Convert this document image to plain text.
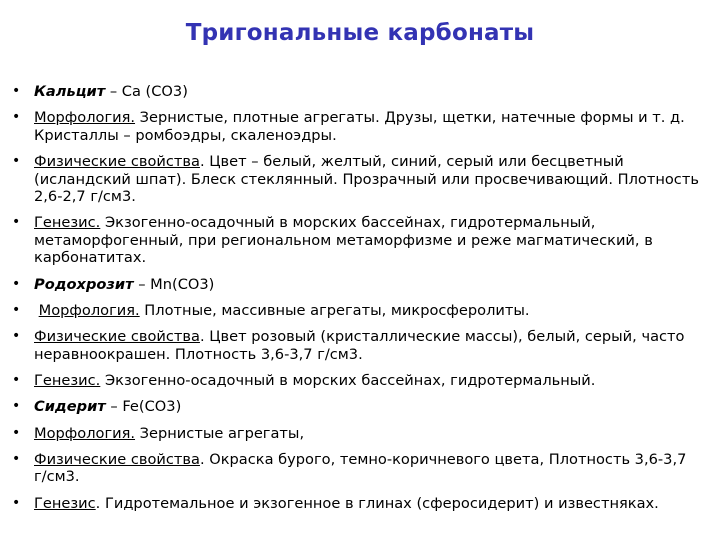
Тригональные карбонаты
• Кальцит – Ca (CO3)
• Морфология. Зернистые, плотные агрегаты. Друзы, щетки, натечные формы и т. д. Кристаллы – ромбоэдры, скаленоэдры.
• Физические свойства. Цвет – белый, желтый, синий, серый или бесцветный (исландский шпат). Блеск стеклянный. Прозрачный или просвечивающий. Плотность 2,6-2,7 г/см3.
• Генезис. Экзогенно-осадочный в морских бассейнах, гидротермальный, метаморфогенный, при региональном метаморфизме и реже магматический, в карбонатитах.
• Родохрозит – Mn(CO3)
• Морфология. Плотные, массивные агрегаты, микросферолиты.
• Физические свойства. Цвет розовый (кристаллические массы), белый, серый, часто неравноокрашен. Плотность 3,6-3,7 г/см3.
• Генезис. Экзогенно-осадочный в морских бассейнах, гидротермальный.
• Сидерит – Fe(CO3)
• Морфология. Зернистые агрегаты,
• Физические свойства. Окраска бурого, темно-коричневого цвета, Плотность 3,6-3,7 г/см3.
• Генезис. Гидротемальное и экзогенное в глинах (сферосидерит) и известняках.
